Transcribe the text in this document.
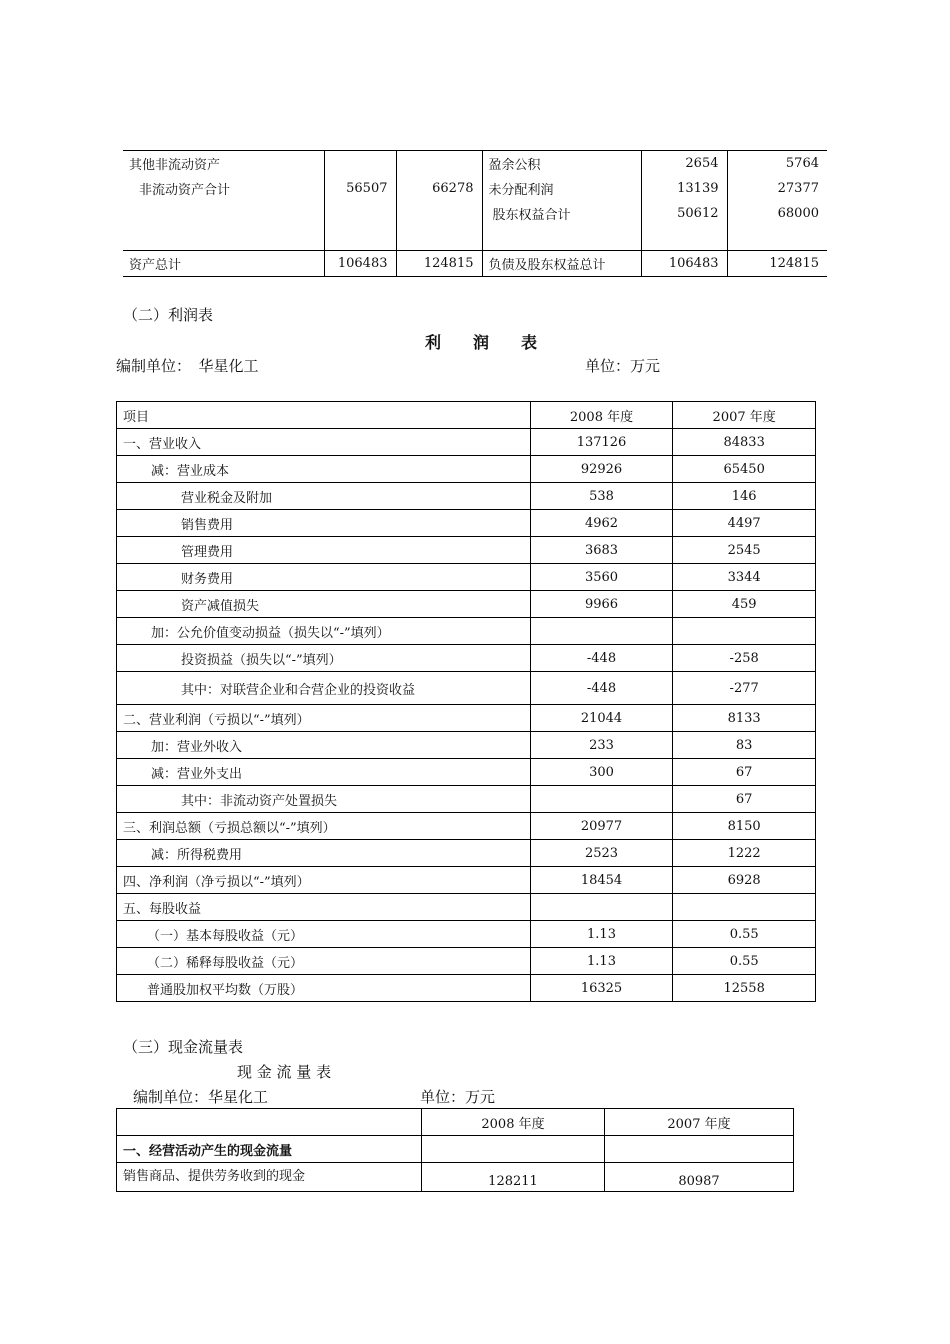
其他非流动资产			盈余公积	2654	5764
非流动资产合计	56507	66278	未分配利润	13139	27377
			股东权益合计	50612	68000

资产总计	106483	124815	负债及股东权益总计	106483	124815
（二）利润表
利　　润　　表
编制单位：　华星化工	单位：万元
项目	2008 年度	2007 年度
一、营业收入	137126	84833
减：营业成本	92926	65450
营业税金及附加	538	146
销售费用	4962	4497
管理费用	3683	2545
财务费用	3560	3344
资产减值损失	9966	459
加：公允价值变动损益（损失以“-”填列）		
投资损益（损失以“-”填列）	-448	-258
其中：对联营企业和合营企业的投资收益	-448	-277
二、营业利润（亏损以“-”填列）	21044	8133
加：营业外收入	233	83
减：营业外支出	300	67
其中：非流动资产处置损失		67
三、利润总额（亏损总额以“-”填列）	20977	8150
减：所得税费用	2523	1222
四、净利润（净亏损以“-”填列）	18454	6928
五、每股收益		
（一）基本每股收益（元）	1.13	0.55
（二）稀释每股收益（元）	1.13	0.55
普通股加权平均数（万股）	16325	12558
（三）现金流量表
现 金 流 量 表
编制单位：华星化工	单位：万元
	2008 年度	2007 年度
一、经营活动产生的现金流量		
销售商品、提供劳务收到的现金	128211	80987
